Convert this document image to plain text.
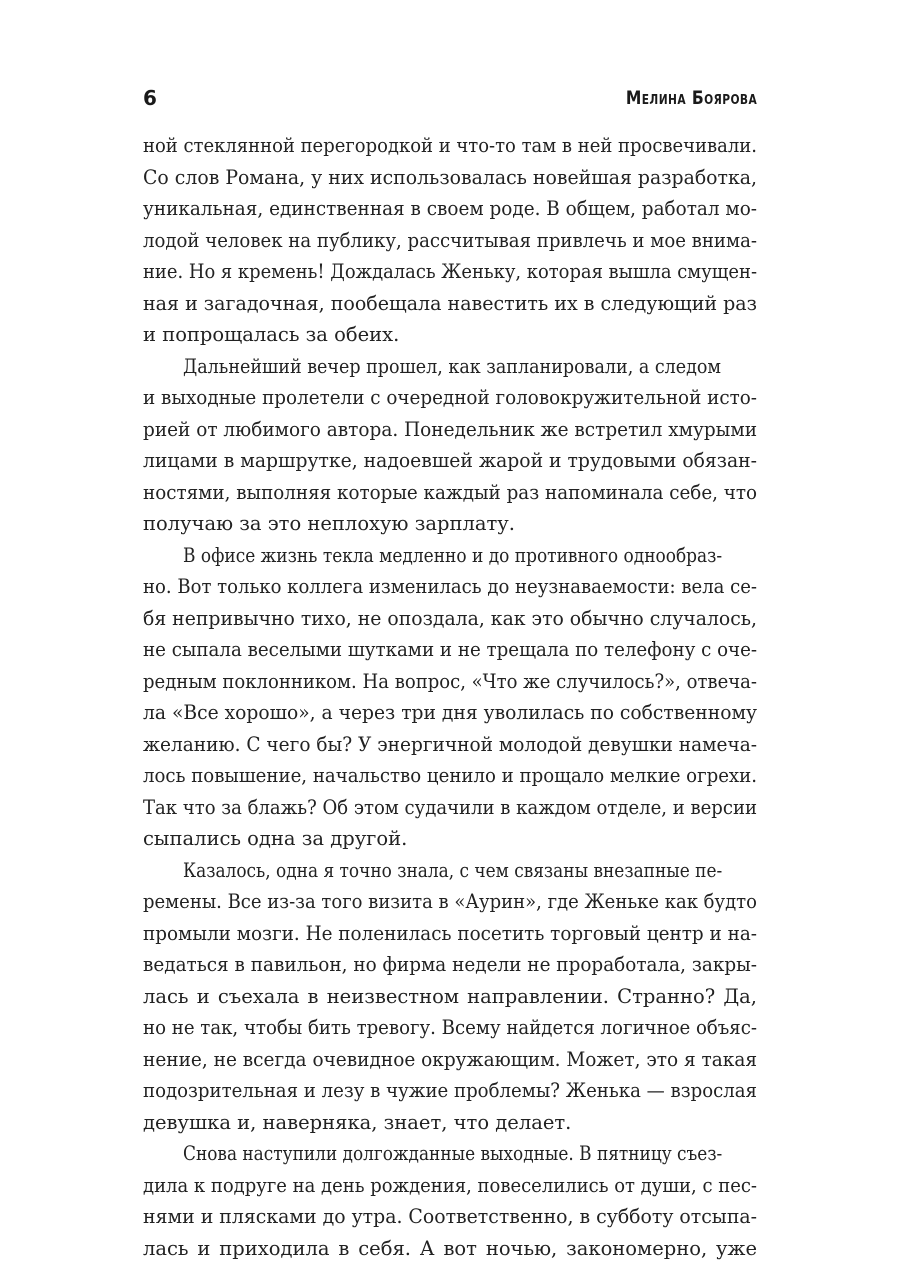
6	Мелина Боярова
ной стеклянной перегородкой и что-то там в ней просвечивали.
Со слов Романа, у них использовалась новейшая разработка,
уникальная, единственная в своем роде. В общем, работал мо-
лодой человек на публику, рассчитывая привлечь и мое внима-
ние. Но я кремень! Дождалась Женьку, которая вышла смущен-
ная и загадочная, пообещала навестить их в следующий раз
и попрощалась за обеих.
Дальнейший вечер прошел, как запланировали, а следом
и выходные пролетели с очередной головокружительной исто-
рией от любимого автора. Понедельник же встретил хмурыми
лицами в маршрутке, надоевшей жарой и трудовыми обязан-
ностями, выполняя которые каждый раз напоминала себе, что
получаю за это неплохую зарплату.
В офисе жизнь текла медленно и до противного однообраз-
но. Вот только коллега изменилась до неузнаваемости: вела се-
бя непривычно тихо, не опоздала, как это обычно случалось,
не сыпала веселыми шутками и не трещала по телефону с оче-
редным поклонником. На вопрос, «Что же случилось?», отвеча-
ла «Все хорошо», а через три дня уволилась по собственному
желанию. С чего бы? У энергичной молодой девушки намеча-
лось повышение, начальство ценило и прощало мелкие огрехи.
Так что за блажь? Об этом судачили в каждом отделе, и версии
сыпались одна за другой.
Казалось, одна я точно знала, с чем связаны внезапные пе-
ремены. Все из-за того визита в «Аурин», где Женьке как будто
промыли мозги. Не поленилась посетить торговый центр и на-
ведаться в павильон, но фирма недели не проработала, закры-
лась и съехала в неизвестном направлении. Странно? Да,
но не так, чтобы бить тревогу. Всему найдется логичное объяс-
нение, не всегда очевидное окружающим. Может, это я такая
подозрительная и лезу в чужие проблемы? Женька — взрослая
девушка и, наверняка, знает, что делает.
Снова наступили долгожданные выходные. В пятницу съез-
дила к подруге на день рождения, повеселились от души, с пес-
нями и плясками до утра. Соответственно, в субботу отсыпа-
лась и приходила в себя. А вот ночью, закономерно, уже
